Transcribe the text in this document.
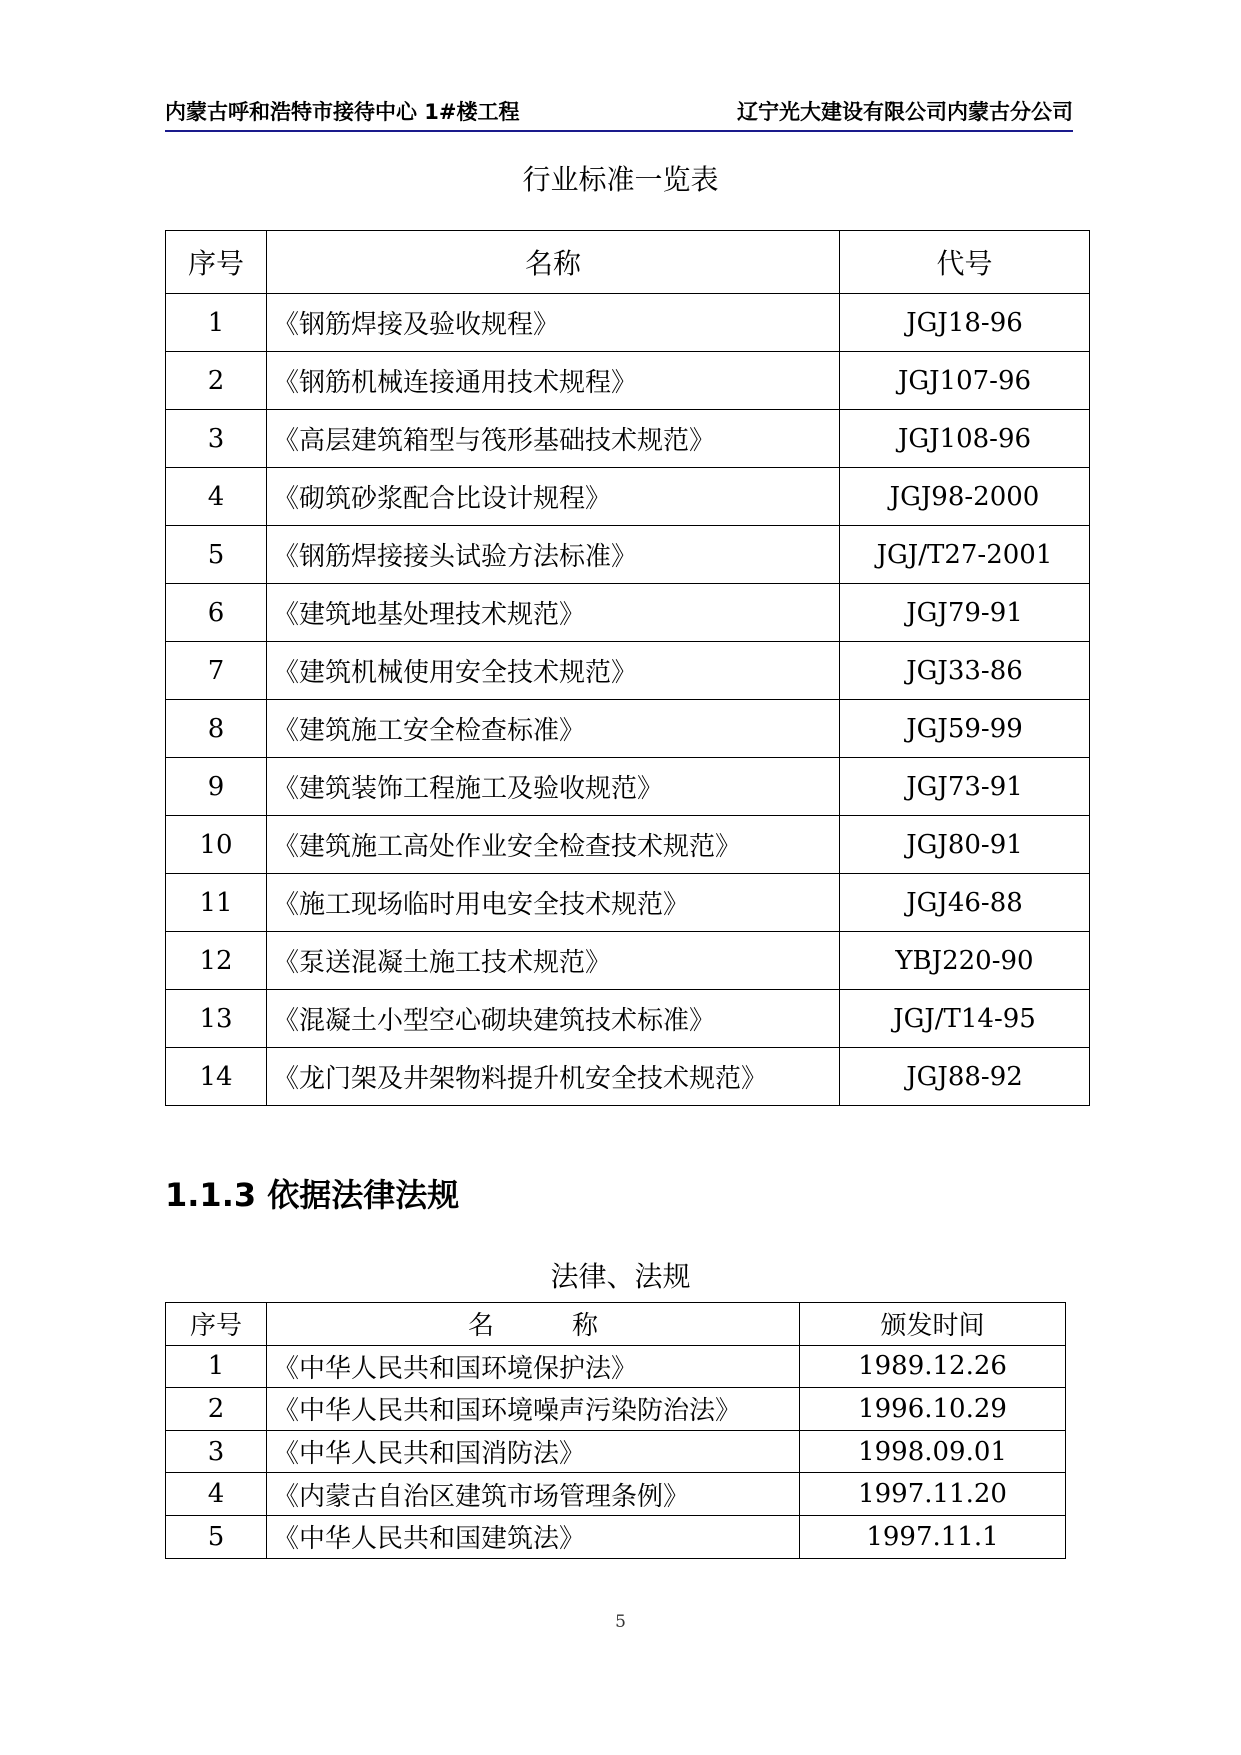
内蒙古呼和浩特市接待中心 1#楼工程	辽宁光大建设有限公司内蒙古分公司
行业标准一览表
序号	名称	代号
1	《钢筋焊接及验收规程》	JGJ18-96
2	《钢筋机械连接通用技术规程》	JGJ107-96
3	《高层建筑箱型与筏形基础技术规范》	JGJ108-96
4	《砌筑砂浆配合比设计规程》	JGJ98-2000
5	《钢筋焊接接头试验方法标准》	JGJ/T27-2001
6	《建筑地基处理技术规范》	JGJ79-91
7	《建筑机械使用安全技术规范》	JGJ33-86
8	《建筑施工安全检查标准》	JGJ59-99
9	《建筑装饰工程施工及验收规范》	JGJ73-91
10	《建筑施工高处作业安全检查技术规范》	JGJ80-91
11	《施工现场临时用电安全技术规范》	JGJ46-88
12	《泵送混凝土施工技术规范》	YBJ220-90
13	《混凝土小型空心砌块建筑技术标准》	JGJ/T14-95
14	《龙门架及井架物料提升机安全技术规范》	JGJ88-92
1.1.3 依据法律法规
法律、法规
序号	名　　　称	颁发时间
1	《中华人民共和国环境保护法》	1989.12.26
2	《中华人民共和国环境噪声污染防治法》	1996.10.29
3	《中华人民共和国消防法》	1998.09.01
4	《内蒙古自治区建筑市场管理条例》	1997.11.20
5	《中华人民共和国建筑法》	1997.11.1
5
